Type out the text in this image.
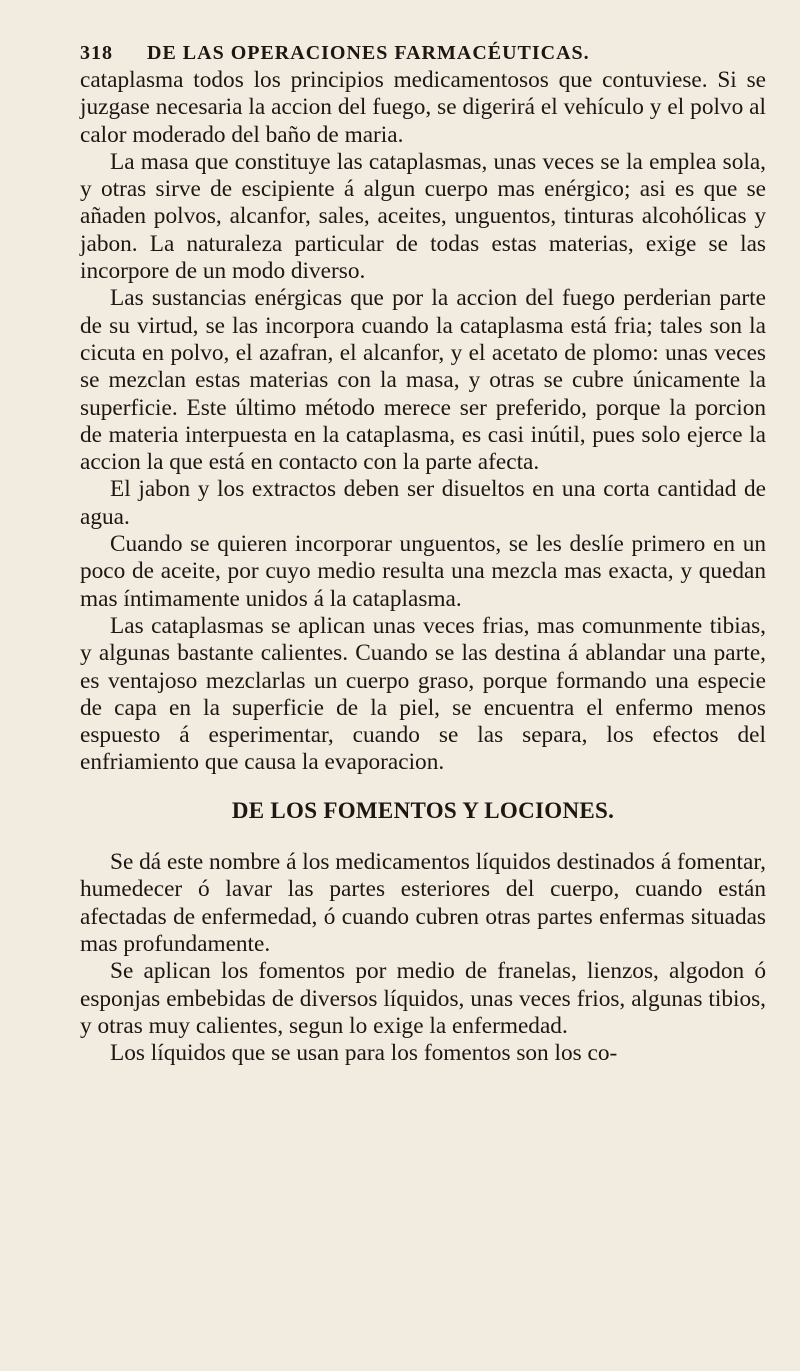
318 DE LAS OPERACIONES FARMACÉUTICAS.

cataplasma todos los principios medicamentosos que contuviese. Si se juzgase necesaria la accion del fuego, se digerirá el vehículo y el polvo al calor moderado del baño de maria.

La masa que constituye las cataplasmas, unas veces se la emplea sola, y otras sirve de escipiente á algun cuerpo mas enérgico; asi es que se añaden polvos, alcanfor, sales, aceites, unguentos, tinturas alcohólicas y jabon. La naturaleza particular de todas estas materias, exige se las incorpore de un modo diverso.

Las sustancias enérgicas que por la accion del fuego perderian parte de su virtud, se las incorpora cuando la cataplasma está fria; tales son la cicuta en polvo, el azafran, el alcanfor, y el acetato de plomo: unas veces se mezclan estas materias con la masa, y otras se cubre únicamente la superficie. Este último método merece ser preferido, porque la porcion de materia interpuesta en la cataplasma, es casi inútil, pues solo ejerce la accion la que está en contacto con la parte afecta.

El jabon y los extractos deben ser disueltos en una corta cantidad de agua.

Cuando se quieren incorporar unguentos, se les deslíe primero en un poco de aceite, por cuyo medio resulta una mezcla mas exacta, y quedan mas íntimamente unidos á la cataplasma.

Las cataplasmas se aplican unas veces frias, mas comunmente tibias, y algunas bastante calientes. Cuando se las destina á ablandar una parte, es ventajoso mezclarlas un cuerpo graso, porque formando una especie de capa en la superficie de la piel, se encuentra el enfermo menos espuesto á esperimentar, cuando se las separa, los efectos del enfriamiento que causa la evaporacion.

DE LOS FOMENTOS Y LOCIONES.

Se dá este nombre á los medicamentos líquidos destinados á fomentar, humedecer ó lavar las partes esteriores del cuerpo, cuando están afectadas de enfermedad, ó cuando cubren otras partes enfermas situadas mas profundamente.

Se aplican los fomentos por medio de franelas, lienzos, algodon ó esponjas embebidas de diversos líquidos, unas veces frios, algunas tibios, y otras muy calientes, segun lo exige la enfermedad.

Los líquidos que se usan para los fomentos son los co-
